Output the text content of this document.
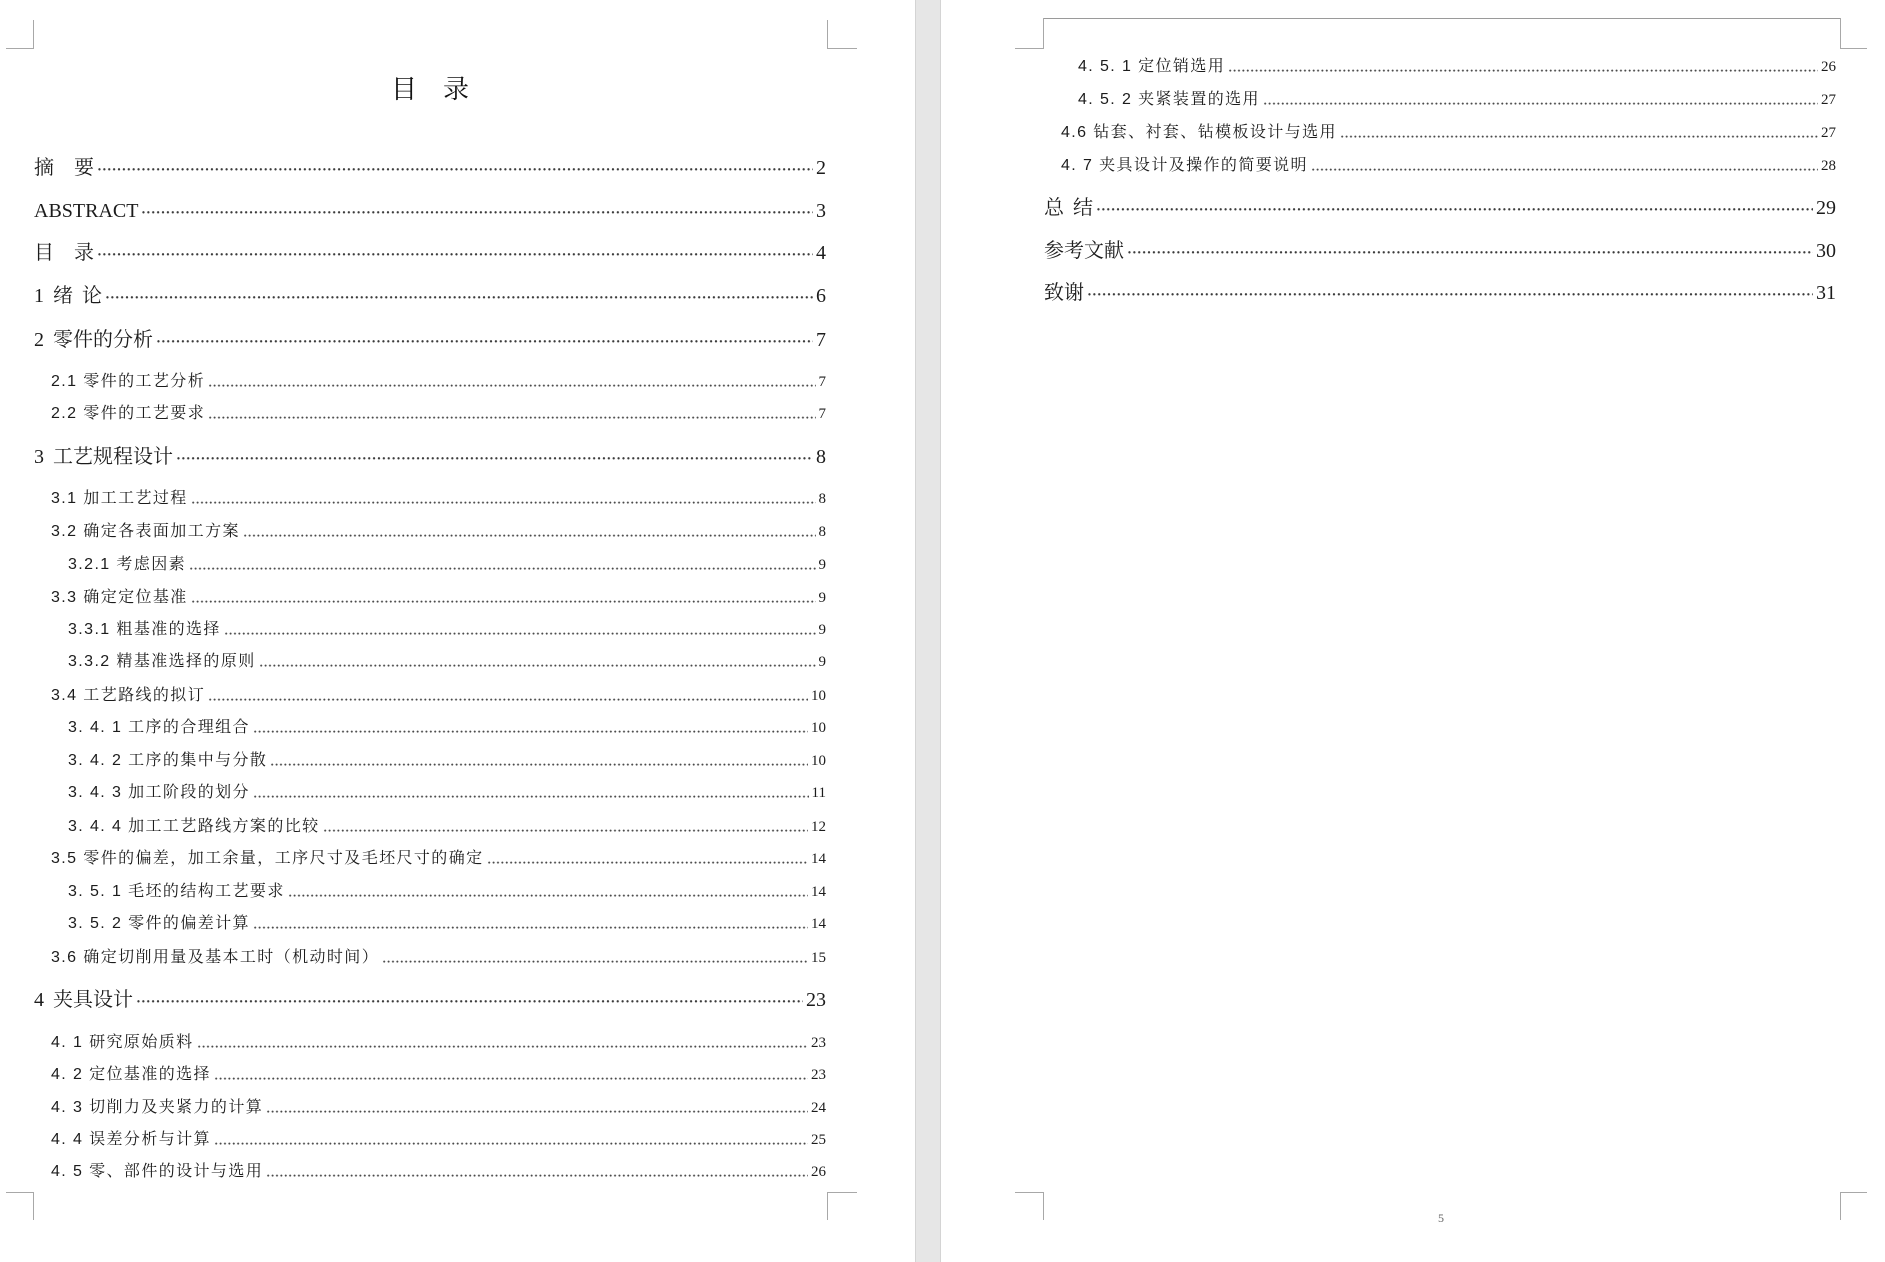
目　录
摘　要	2
ABSTRACT	3
目　录	4
1 绪 论	6
2 零件的分析	7
2.1 零件的工艺分析	7
2.2 零件的工艺要求	7
3 工艺规程设计	8
3.1 加工工艺过程	8
3.2 确定各表面加工方案	8
3.2.1 考虑因素	9
3.3 确定定位基准	9
3.3.1 粗基准的选择	9
3.3.2 精基准选择的原则	9
3.4 工艺路线的拟订	10
3. 4. 1 工序的合理组合	10
3. 4. 2 工序的集中与分散	10
3. 4. 3 加工阶段的划分	11
3. 4. 4 加工工艺路线方案的比较	12
3.5 零件的偏差，加工余量，工序尺寸及毛坯尺寸的确定	14
3. 5. 1 毛坯的结构工艺要求	14
3. 5. 2 零件的偏差计算	14
3.6 确定切削用量及基本工时（机动时间）	15
4 夹具设计	23
4. 1 研究原始质料	23
4. 2 定位基准的选择	23
4. 3 切削力及夹紧力的计算	24
4. 4 误差分析与计算	25
4. 5 零、部件的设计与选用	26
4. 5. 1 定位销选用	26
4. 5. 2 夹紧装置的选用	27
4.6 钻套、衬套、钻模板设计与选用	27
4. 7 夹具设计及操作的简要说明	28
总 结	29
参考文献	30
致谢	31
5
